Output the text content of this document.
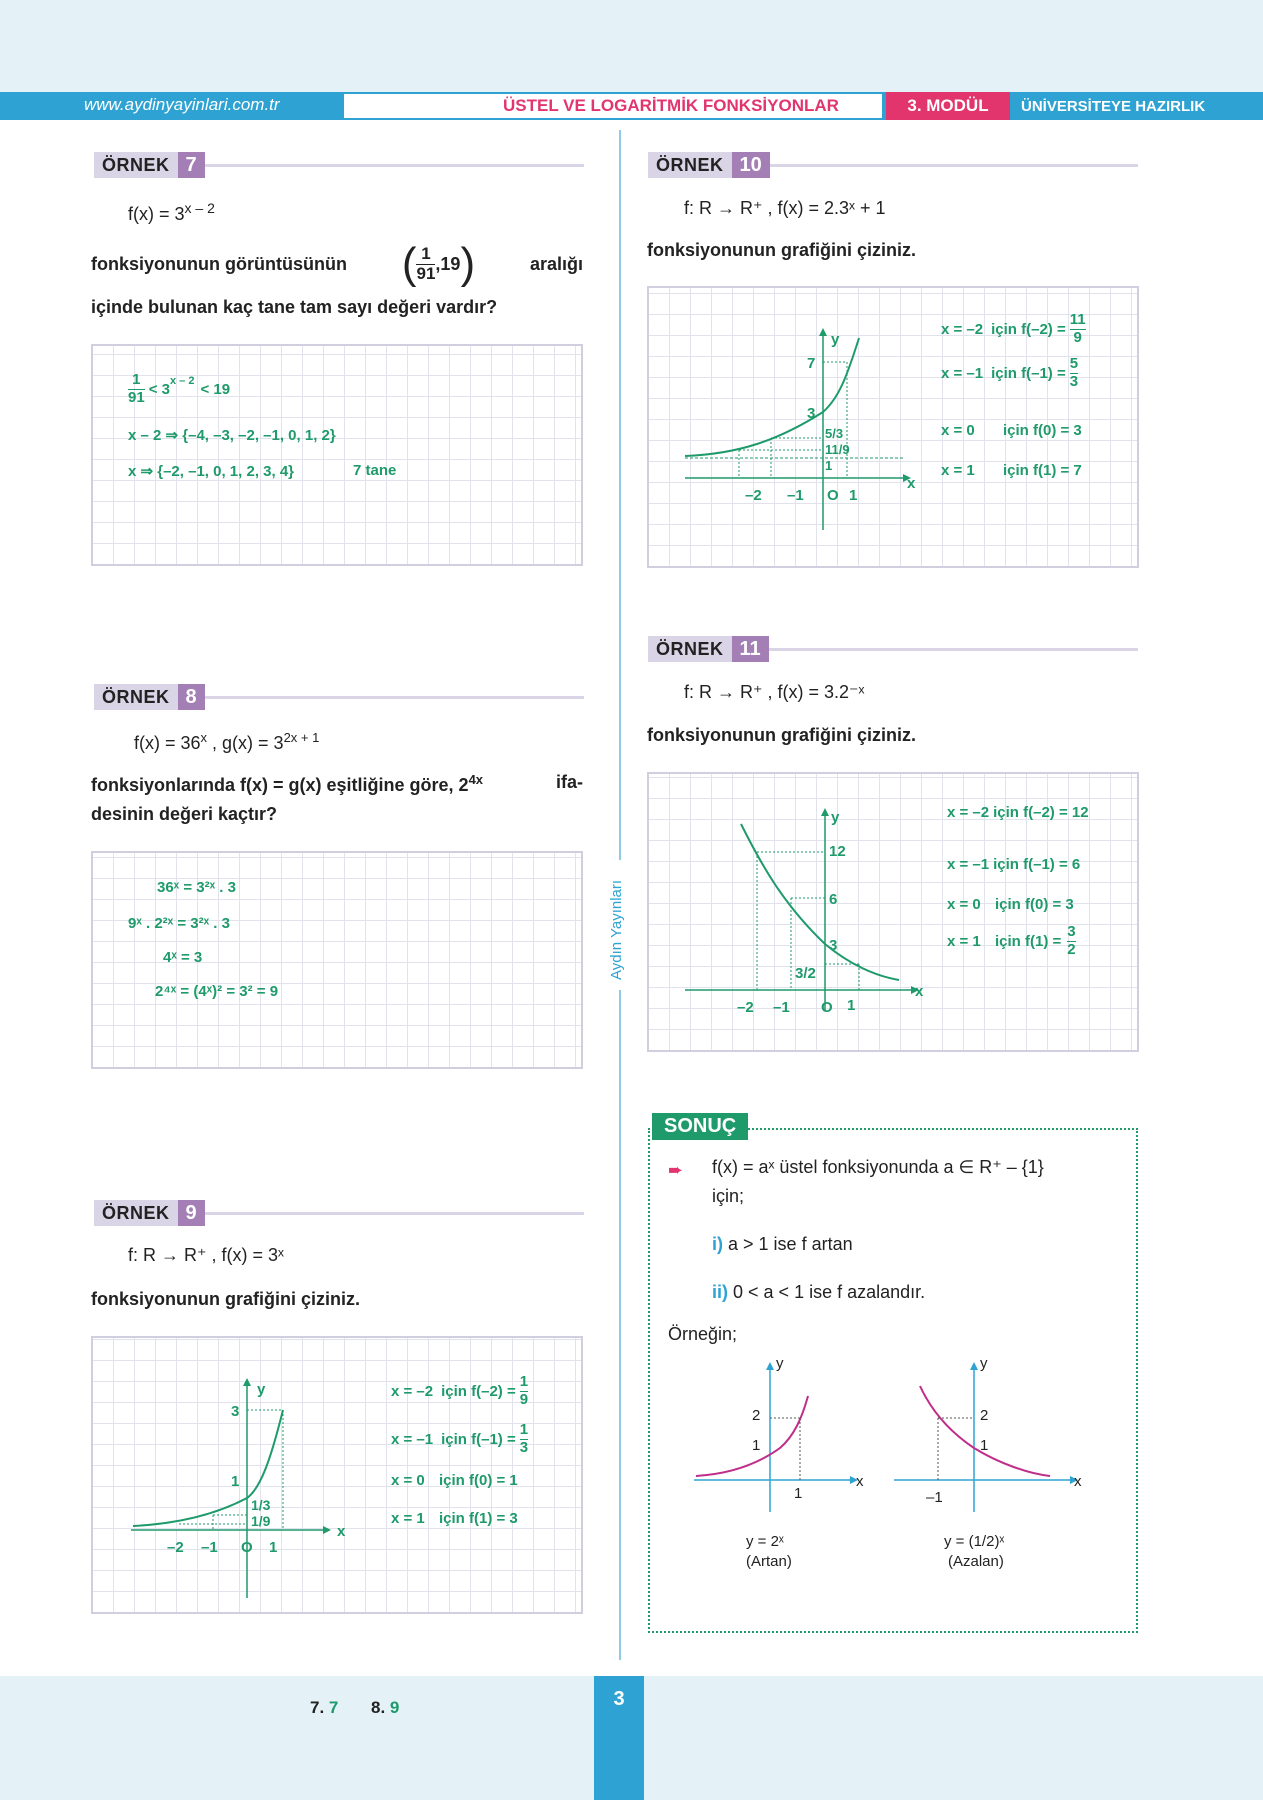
www.aydinyayinlari.com.tr	ÜSTEL VE LOGARİTMİK FONKSİYONLAR	3. MODÜL	ÜNİVERSİTEYE HAZIRLIK
Aydın Yayınları
ÖRNEK 7
$f(x) = 3^{x - 2}$
fonksiyonunun görüntüsünün ( $\frac{1}{91} ,19$ )	aralığı
içinde bulunan kaç tane tam sayı değeri vardır?
$\frac{1}{91} < 3^{x - 2} < 19$
x – 2 ⇒ {–4, –3, –2, –1, 0, 1, 2}
x ⇒ {–2, –1, 0, 1, 2, 3, 4}	7 tane
ÖRNEK 8
$f(x) = 36^x$ , $g(x) = 3^{2x + 1}$
fonksiyonlarında f(x) = g(x) eşitliğine göre, $2^{4x}$	ifa-
desinin değeri kaçtır?
36ˣ = 3²ˣ . 3
9ˣ . 2²ˣ = 3²ˣ . 3
4ˣ = 3
2⁴ˣ = (4ˣ)² = 3² = 9
ÖRNEK 9
f: R → R⁺ , f(x) = 3ˣ
fonksiyonunun grafiğini çiziniz.
y
x
3
1
1/3
1/9
–2 –1 O 1
x = –2 için $f(-2) = \frac{1}{9}$
x = –1 için $f(-1) = \frac{1}{3}$
x = 0 için f(0) = 1
x = 1 için f(1) = 3
ÖRNEK 10
f: R → R⁺ , f(x) = 2.3ˣ + 1
fonksiyonunun grafiğini çiziniz.
y
x
7
3
5/3
11/9
1
–2 –1 O 1
x = –2 için $f(-2) = \frac{11}{9}$
x = –1 için $f(-1) = \frac{5}{3}$
x = 0 için f(0) = 3
x = 1 için f(1) = 7
ÖRNEK 11
f: R → R⁺ , f(x) = 3.2⁻ˣ
fonksiyonunun grafiğini çiziniz.
y
x
12
6
3
3/2
–2 –1 O 1
x = –2 için f(–2) = 12
x = –1 için f(–1) = 6
x = 0 için f(0) = 3
x = 1 için $f(1) = \frac{3}{2}$
SONUÇ
➨ f(x) = aˣ üstel fonksiyonunda a ∈ R⁺ – {1}
için;
i) a > 1 ise f artan
ii) 0 < a < 1 ise f azalandır.
Örneğin;
y
x
2
1
1
y = 2ˣ
(Artan)
y
x
2
1
–1
y = (1/2)ˣ
(Azalan)
7. 7 8. 9	3
